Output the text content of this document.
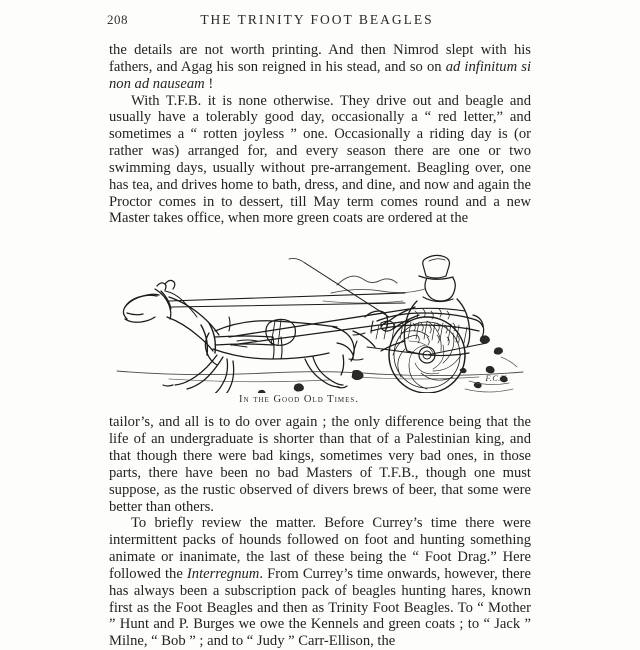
208	THE TRINITY FOOT BEAGLES

the details are not worth printing. And then Nimrod slept with his fathers, and Agag his son reigned in his stead, and so on ad infinitum si non ad nauseam !

With T.F.B. it is none otherwise. They drive out and beagle and usually have a tolerably good day, occasionally a “ red letter,” and sometimes a “ rotten joyless ” one. Occasionally a riding day is (or rather was) arranged for, and every season there are one or two swimming days, usually without pre-arrangement. Beagling over, one has tea, and drives home to bath, dress, and dine, and now and again the Proctor comes in to dessert, till May term comes round and a new Master takes office, when more green coats are ordered at the

F.C.K.
In the Good Old Times.

tailor’s, and all is to do over again ; the only difference being that the life of an undergraduate is shorter than that of a Palestinian king, and that though there were bad kings, sometimes very bad ones, in those parts, there have been no bad Masters of T.F.B., though one must suppose, as the rustic observed of divers brews of beer, that some were better than others.

To briefly review the matter. Before Currey’s time there were intermittent packs of hounds followed on foot and hunting something animate or inanimate, the last of these being the “ Foot Drag.” Here followed the Interregnum. From Currey’s time onwards, however, there has always been a subscription pack of beagles hunting hares, known first as the Foot Beagles and then as Trinity Foot Beagles. To “ Mother ” Hunt and P. Burges we owe the Kennels and green coats ; to “ Jack ” Milne, “ Bob ” ; and to “ Judy ” Carr-Ellison, the
